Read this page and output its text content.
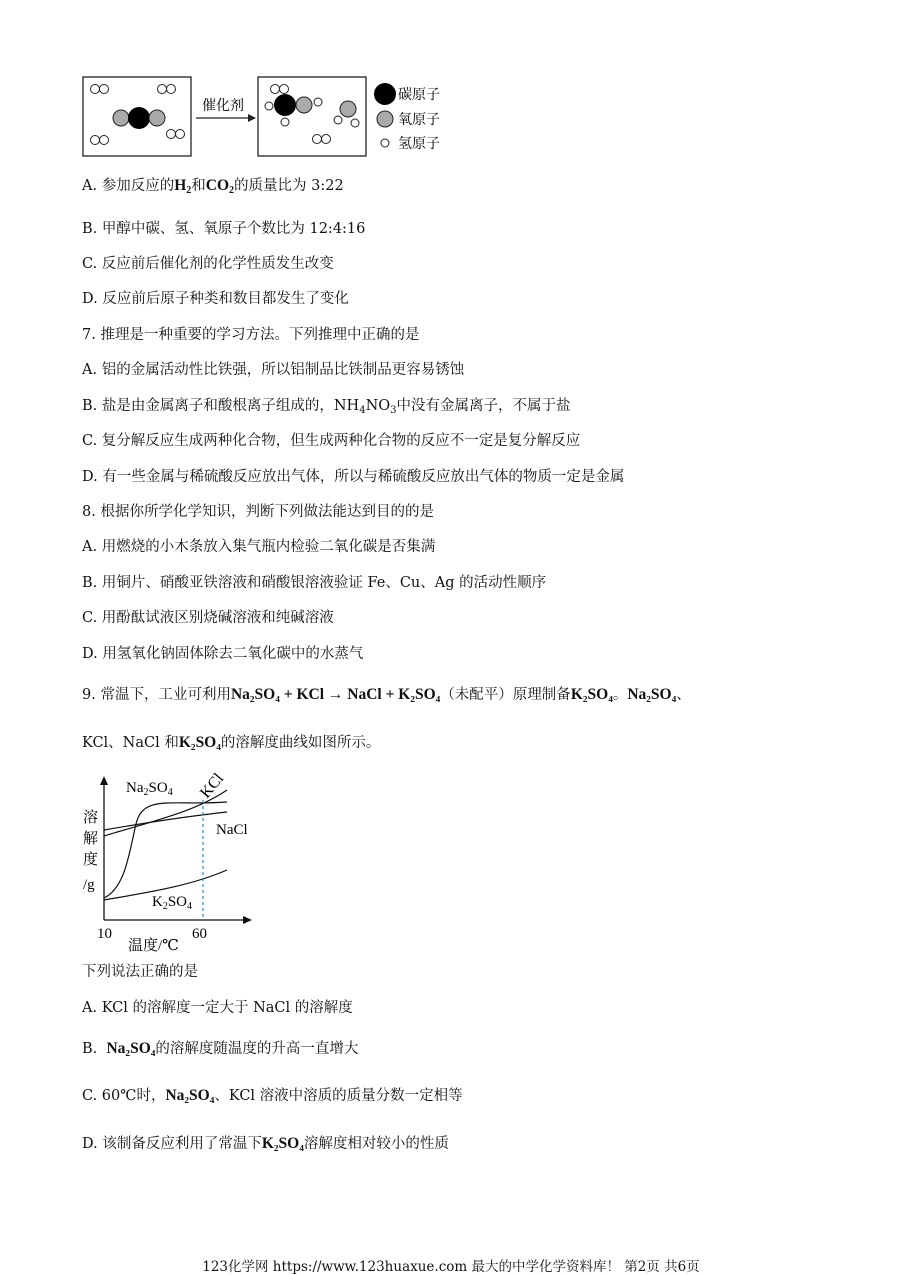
催化剂
碳原子
氧原子
氢原子
A. 参加反应的$H_2$和$CO_2$的质量比为 3:22
B. 甲醇中碳、氢、氧原子个数比为 12:4:16
C. 反应前后催化剂的化学性质发生改变
D. 反应前后原子种类和数目都发生了变化
7. 推理是一种重要的学习方法。下列推理中正确的是
A. 铝的金属活动性比铁强，所以铝制品比铁制品更容易锈蚀
B. 盐是由金属离子和酸根离子组成的，$NH_4NO_3$中没有金属离子，不属于盐
C. 复分解反应生成两种化合物，但生成两种化合物的反应不一定是复分解反应
D. 有一些金属与稀硫酸反应放出气体，所以与稀硫酸反应放出气体的物质一定是金属
8. 根据你所学化学知识，判断下列做法能达到目的的是
A. 用燃烧的小木条放入集气瓶内检验二氧化碳是否集满
B. 用铜片、硝酸亚铁溶液和硝酸银溶液验证 Fe、Cu、Ag 的活动性顺序
C. 用酚酞试液区别烧碱溶液和纯碱溶液
D. 用氢氧化钠固体除去二氧化碳中的水蒸气
9. 常温下，工业可利用Na₂SO₄ + KCl → NaCl + K₂SO₄（未配平）原理制备K₂SO₄。Na₂SO₄、
KCl、NaCl 和K₂SO₄的溶解度曲线如图所示。
溶
解
度
/g
$Na_2SO_4$ KCl
NaCl
$K_2SO_4$
10	60
温度/℃
下列说法正确的是
A. KCl 的溶解度一定大于 NaCl 的溶解度
B. Na₂SO₄的溶解度随温度的升高一直增大
C. 60℃时，Na₂SO₄、KCl 溶液中溶质的质量分数一定相等
D. 该制备反应利用了常温下K₂SO₄溶解度相对较小的性质
123化学网 https://www.123huaxue.com 最大的中学化学资料库！ 第2页 共6页
